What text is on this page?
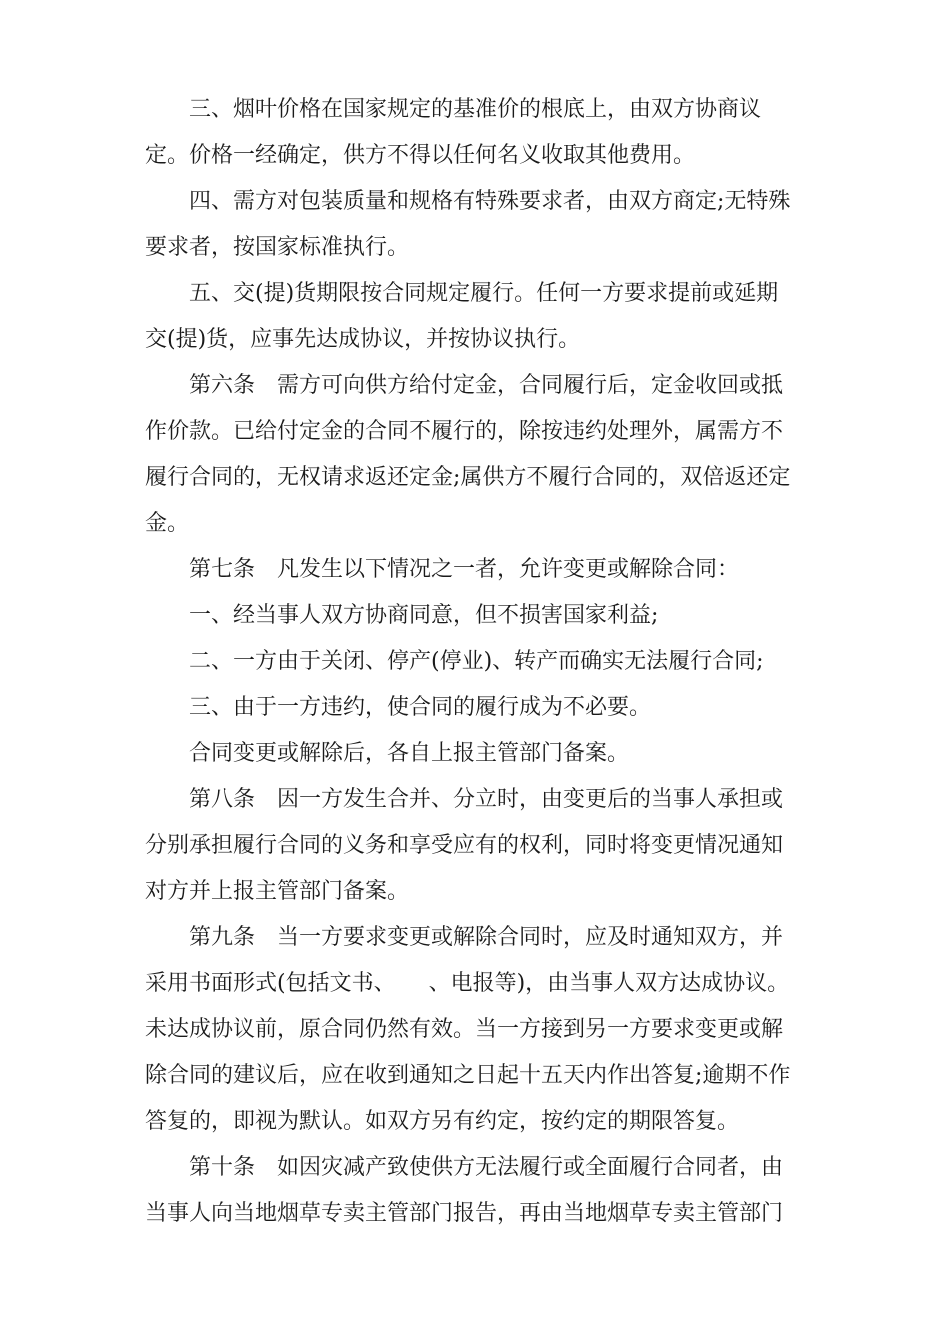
三、烟叶价格在国家规定的基准价的根底上，由双方协商议
定。价格一经确定，供方不得以任何名义收取其他费用。
四、需方对包装质量和规格有特殊要求者，由双方商定;无特殊
要求者，按国家标准执行。
五、交(提)货期限按合同规定履行。任何一方要求提前或延期
交(提)货，应事先达成协议，并按协议执行。
第六条　需方可向供方给付定金，合同履行后，定金收回或抵
作价款。已给付定金的合同不履行的，除按违约处理外，属需方不
履行合同的，无权请求返还定金;属供方不履行合同的，双倍返还定
金。
第七条　凡发生以下情况之一者，允许变更或解除合同：
一、经当事人双方协商同意，但不损害国家利益;
二、一方由于关闭、停产(停业)、转产而确实无法履行合同;
三、由于一方违约，使合同的履行成为不必要。
合同变更或解除后，各自上报主管部门备案。
第八条　因一方发生合并、分立时，由变更后的当事人承担或
分别承担履行合同的义务和享受应有的权利，同时将变更情况通知
对方并上报主管部门备案。
第九条　当一方要求变更或解除合同时，应及时通知双方，并
采用书面形式(包括文书、　　、电报等)，由当事人双方达成协议。
未达成协议前，原合同仍然有效。当一方接到另一方要求变更或解
除合同的建议后，应在收到通知之日起十五天内作出答复;逾期不作
答复的，即视为默认。如双方另有约定，按约定的期限答复。
第十条　如因灾减产致使供方无法履行或全面履行合同者，由
当事人向当地烟草专卖主管部门报告，再由当地烟草专卖主管部门
